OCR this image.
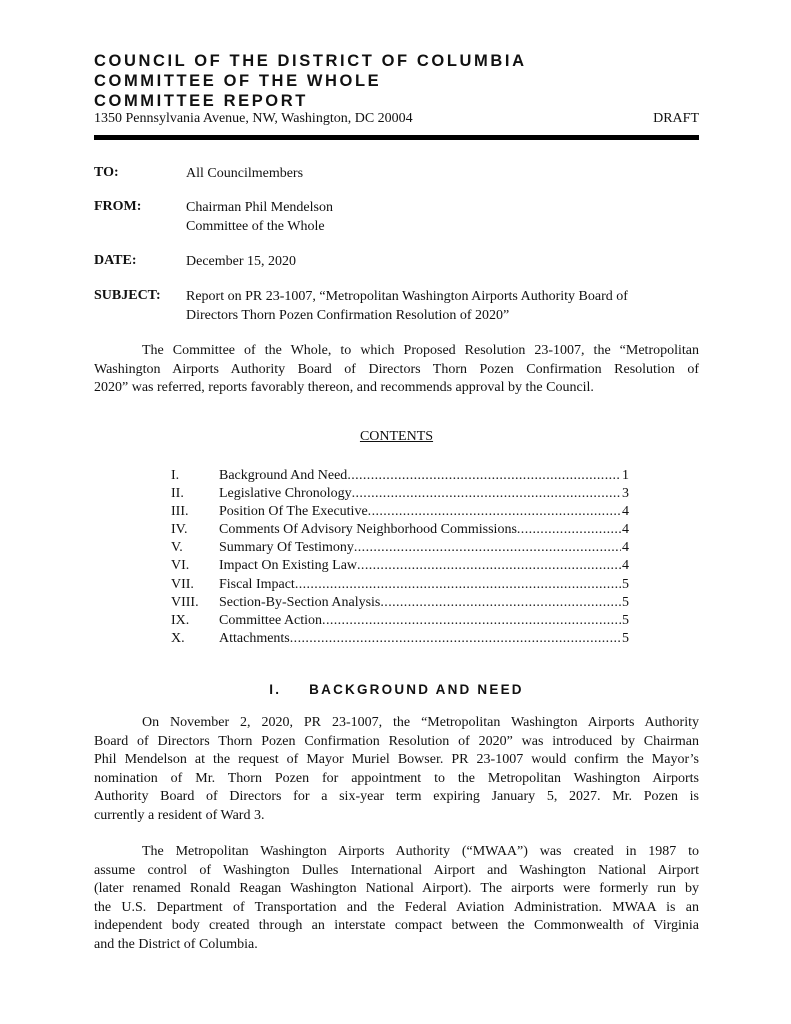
COUNCIL OF THE DISTRICT OF COLUMBIA
COMMITTEE OF THE WHOLE
COMMITTEE REPORT
1350 Pennsylvania Avenue, NW, Washington, DC 20004	DRAFT
TO:	All Councilmembers
FROM:	Chairman Phil Mendelson
Committee of the Whole
DATE:	December 15, 2020
SUBJECT: Report on PR 23-1007, “Metropolitan Washington Airports Authority Board of
Directors Thorn Pozen Confirmation Resolution of 2020”
The Committee of the Whole, to which Proposed Resolution 23-1007, the “Metropolitan
Washington Airports Authority Board of Directors Thorn Pozen Confirmation Resolution of
2020” was referred, reports favorably thereon, and recommends approval by the Council.
CONTENTS
I.	Background And Need .....	1
II.	Legislative Chronology .....	3
III.	Position Of The Executive .....	4
IV.	Comments Of Advisory Neighborhood Commissions .....	4
V.	Summary Of Testimony .....	4
VI.	Impact On Existing Law .....	4
VII.	Fiscal Impact .....	5
VIII.	Section-By-Section Analysis .....	5
IX.	Committee Action .....	5
X.	Attachments .....	5
I. BACKGROUND AND NEED
On November 2, 2020, PR 23-1007, the “Metropolitan Washington Airports Authority
Board of Directors Thorn Pozen Confirmation Resolution of 2020” was introduced by Chairman
Phil Mendelson at the request of Mayor Muriel Bowser. PR 23-1007 would confirm the Mayor’s
nomination of Mr. Thorn Pozen for appointment to the Metropolitan Washington Airports
Authority Board of Directors for a six-year term expiring January 5, 2027. Mr. Pozen is
currently a resident of Ward 3.
The Metropolitan Washington Airports Authority (“MWAA”) was created in 1987 to
assume control of Washington Dulles International Airport and Washington National Airport
(later renamed Ronald Reagan Washington National Airport). The airports were formerly run by
the U.S. Department of Transportation and the Federal Aviation Administration. MWAA is an
independent body created through an interstate compact between the Commonwealth of Virginia
and the District of Columbia.
